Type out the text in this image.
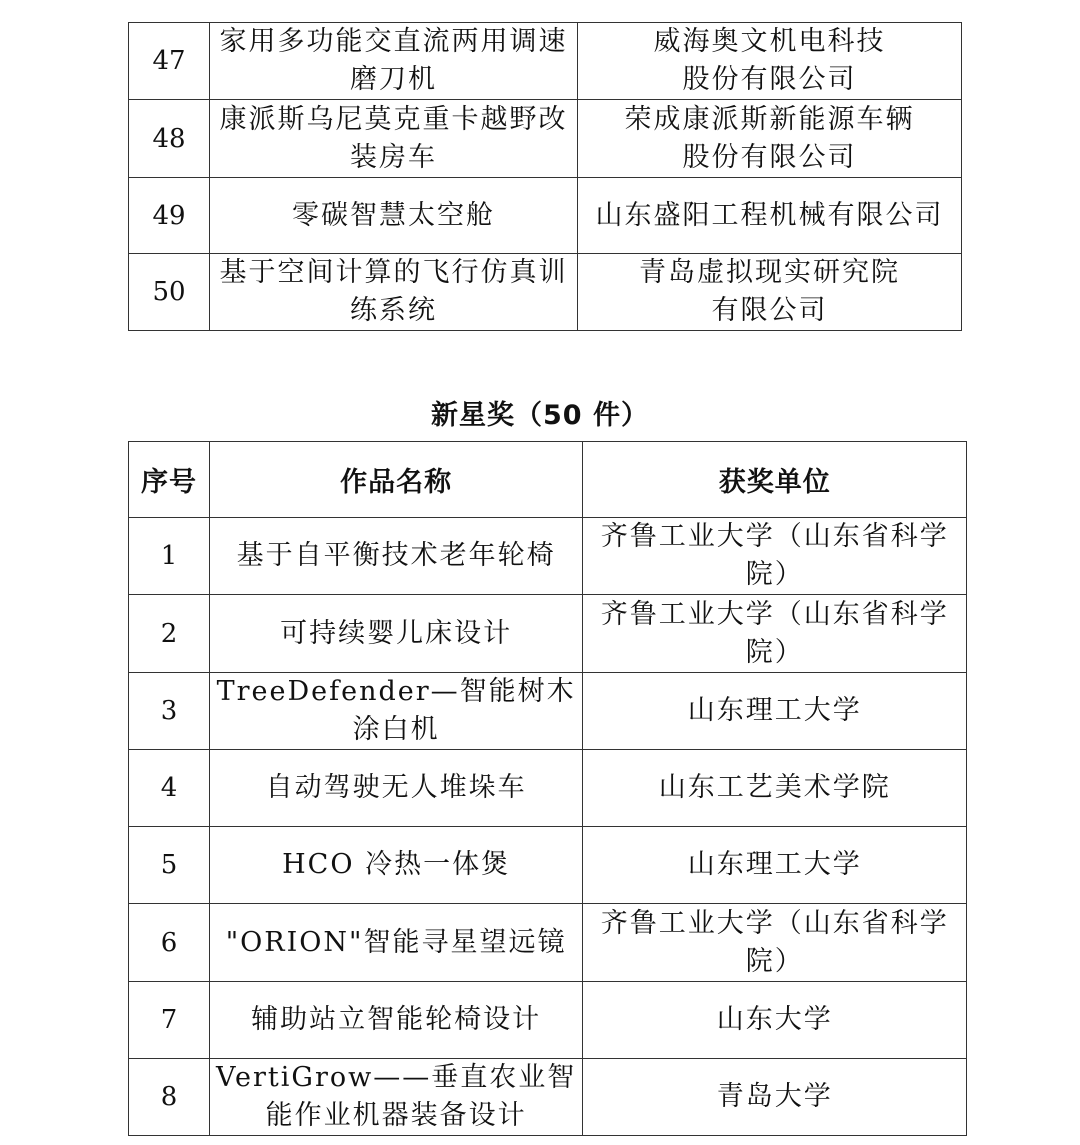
47	家用多功能交直流两用调速
磨刀机	威海奥文机电科技
股份有限公司

48	康派斯乌尼莫克重卡越野改
装房车	荣成康派斯新能源车辆
股份有限公司

49	零碳智慧太空舱	山东盛阳工程机械有限公司

50	基于空间计算的飞行仿真训
练系统	青岛虚拟现实研究院
有限公司
新星奖（50 件）
序号	作品名称	获奖单位
1	基于自平衡技术老年轮椅	齐鲁工业大学（山东省科学
院）

2	可持续婴儿床设计	齐鲁工业大学（山东省科学
院）

3	TreeDefender—智能树木
涂白机	山东理工大学

4	自动驾驶无人堆垛车	山东工艺美术学院

5	HCO 冷热一体煲	山东理工大学

6	"ORION"智能寻星望远镜	齐鲁工业大学（山东省科学
院）

7	辅助站立智能轮椅设计	山东大学

8	VertiGrow——垂直农业智
能作业机器装备设计	青岛大学
